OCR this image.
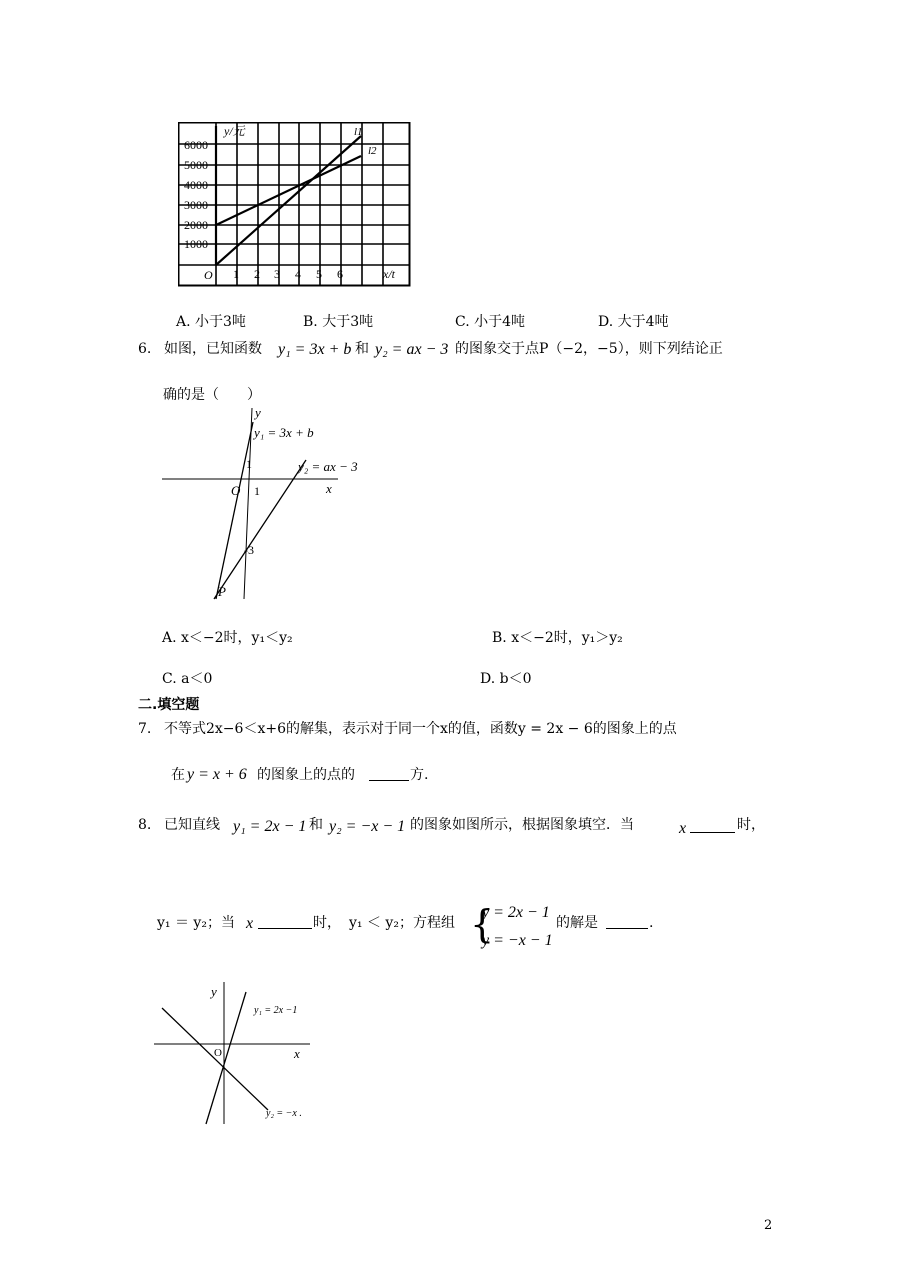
6000
5000
4000
3000
2000
1000
O 1 2 3 4 5 6	x/t
y/元	l1
l2
A. 小于3吨	B. 大于3吨	C. 小于4吨	D. 大于4吨
6. 如图，已知函数 y₁ = 3x + b 和 y₂ = ax − 3 的图象交于点P（−2，−5），则下列结论正
确的是（　　）
y
x
O 1
1
-3
P
y₁ = 3x + b
y₂ = ax − 3
A. x＜−2时，y₁＜y₂	B. x＜−2时，y₁＞y₂
C. a＜0	D. b＜0
二.填空题
7. 不等式2x−6＜x+6的解集，表示对于同一个x的值，函数y = 2x − 6的图象上的点
在 y = x + 6 的图象上的点的	方.
8. 已知直线 y₁ = 2x − 1 和 y₂ = −x − 1 的图象如图所示，根据图象填空．当	x	时，
y₁ ＝ y₂；当 x	时， y₁ ＜ y₂；方程组 {
y = 2x − 1
y = −x − 1
的解是	.
y
x
O
y₁ = 2x −1
y₂ = −x .
2
